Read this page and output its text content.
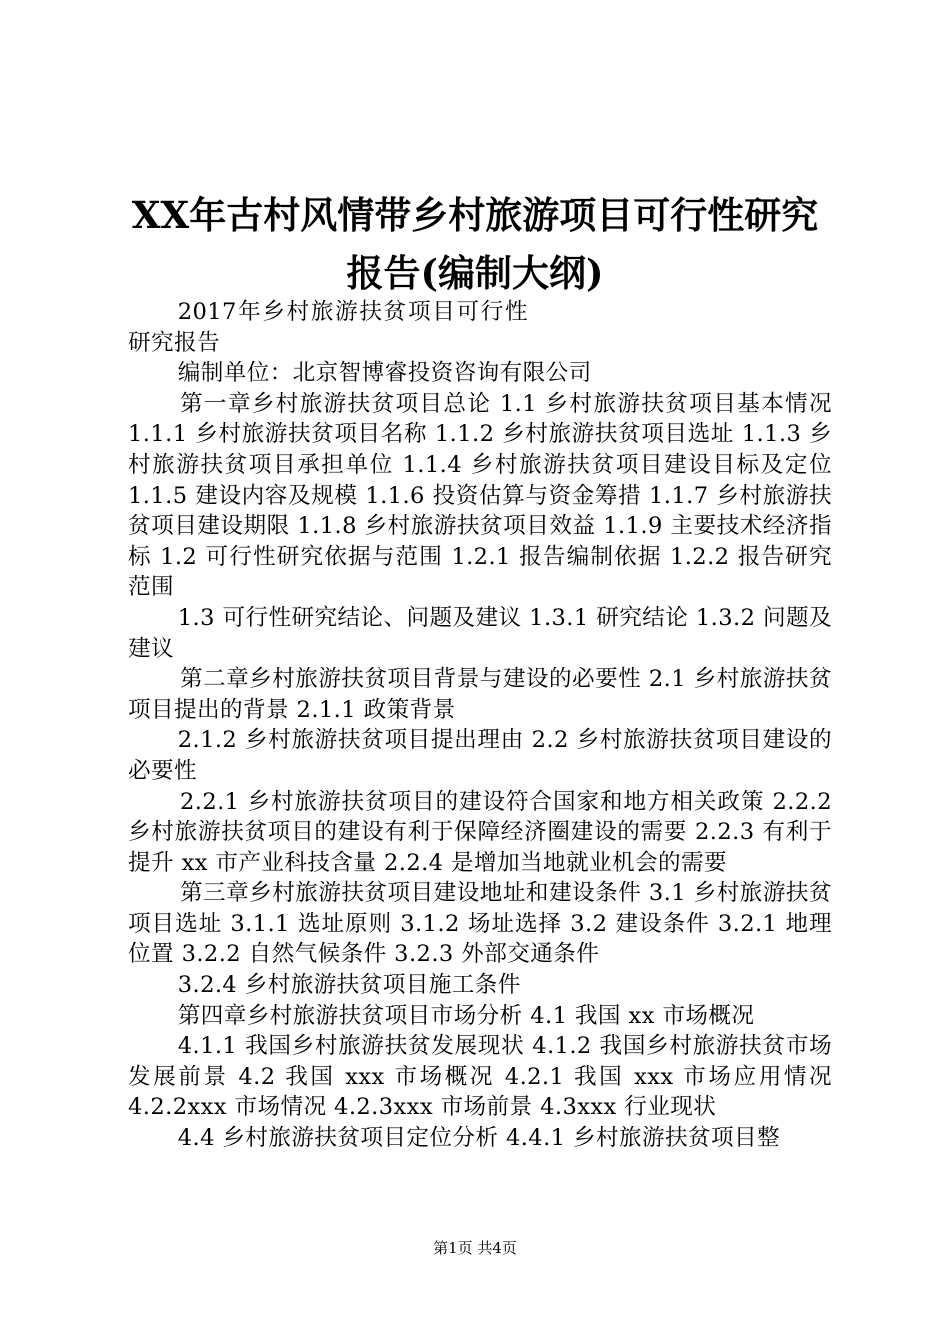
XX年古村风情带乡村旅游项目可行性研究报告(编制大纲)

2017年乡村旅游扶贫项目可行性研究报告

编制单位：北京智博睿投资咨询有限公司

第一章乡村旅游扶贫项目总论 1.1 乡村旅游扶贫项目基本情况 1.1.1 乡村旅游扶贫项目名称 1.1.2 乡村旅游扶贫项目选址 1.1.3 乡村旅游扶贫项目承担单位 1.1.4 乡村旅游扶贫项目建设目标及定位 1.1.5 建设内容及规模 1.1.6 投资估算与资金筹措 1.1.7 乡村旅游扶贫项目建设期限 1.1.8 乡村旅游扶贫项目效益 1.1.9 主要技术经济指标 1.2 可行性研究依据与范围 1.2.1 报告编制依据 1.2.2 报告研究范围

1.3 可行性研究结论、问题及建议 1.3.1 研究结论 1.3.2 问题及建议

第二章乡村旅游扶贫项目背景与建设的必要性 2.1 乡村旅游扶贫项目提出的背景 2.1.1 政策背景

2.1.2 乡村旅游扶贫项目提出理由 2.2 乡村旅游扶贫项目建设的必要性

2.2.1 乡村旅游扶贫项目的建设符合国家和地方相关政策 2.2.2 乡村旅游扶贫项目的建设有利于保障经济圈建设的需要 2.2.3 有利于提升 xx 市产业科技含量 2.2.4 是增加当地就业机会的需要

第三章乡村旅游扶贫项目建设地址和建设条件 3.1 乡村旅游扶贫项目选址 3.1.1 选址原则 3.1.2 场址选择 3.2 建设条件 3.2.1 地理位置 3.2.2 自然气候条件 3.2.3 外部交通条件

3.2.4 乡村旅游扶贫项目施工条件

第四章乡村旅游扶贫项目市场分析 4.1 我国 xx 市场概况

4.1.1 我国乡村旅游扶贫发展现状 4.1.2 我国乡村旅游扶贫市场发展前景 4.2 我国 xxx 市场概况 4.2.1 我国 xxx 市场应用情况 4.2.2xxx 市场情况 4.2.3xxx 市场前景 4.3xxx 行业现状

4.4 乡村旅游扶贫项目定位分析 4.4.1 乡村旅游扶贫项目整

第1页 共4页
